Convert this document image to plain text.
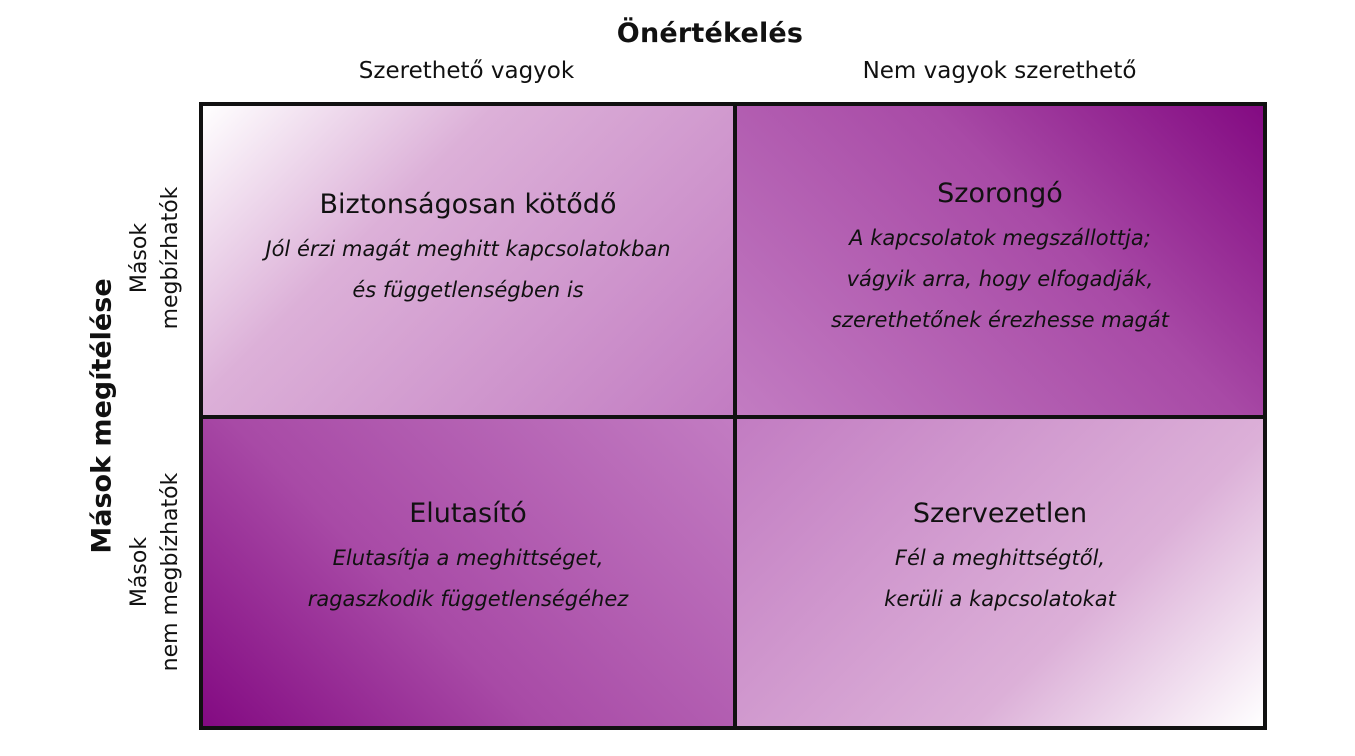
Önértékelés
Szerethető vagyok	Nem vagyok szerethető
Mások megítélése
Mások megbízhatók
Mások nem megbízhatók
Biztonságosan kötődő
Jól érzi magát meghitt kapcsolatokban
és függetlenségben is
Szorongó
A kapcsolatok megszállottja;
vágyik arra, hogy elfogadják,
szerethetőnek érezhesse magát
Elutasító
Elutasítja a meghittséget,
ragaszkodik függetlenségéhez
Szervezetlen
Fél a meghittségtől,
kerüli a kapcsolatokat
